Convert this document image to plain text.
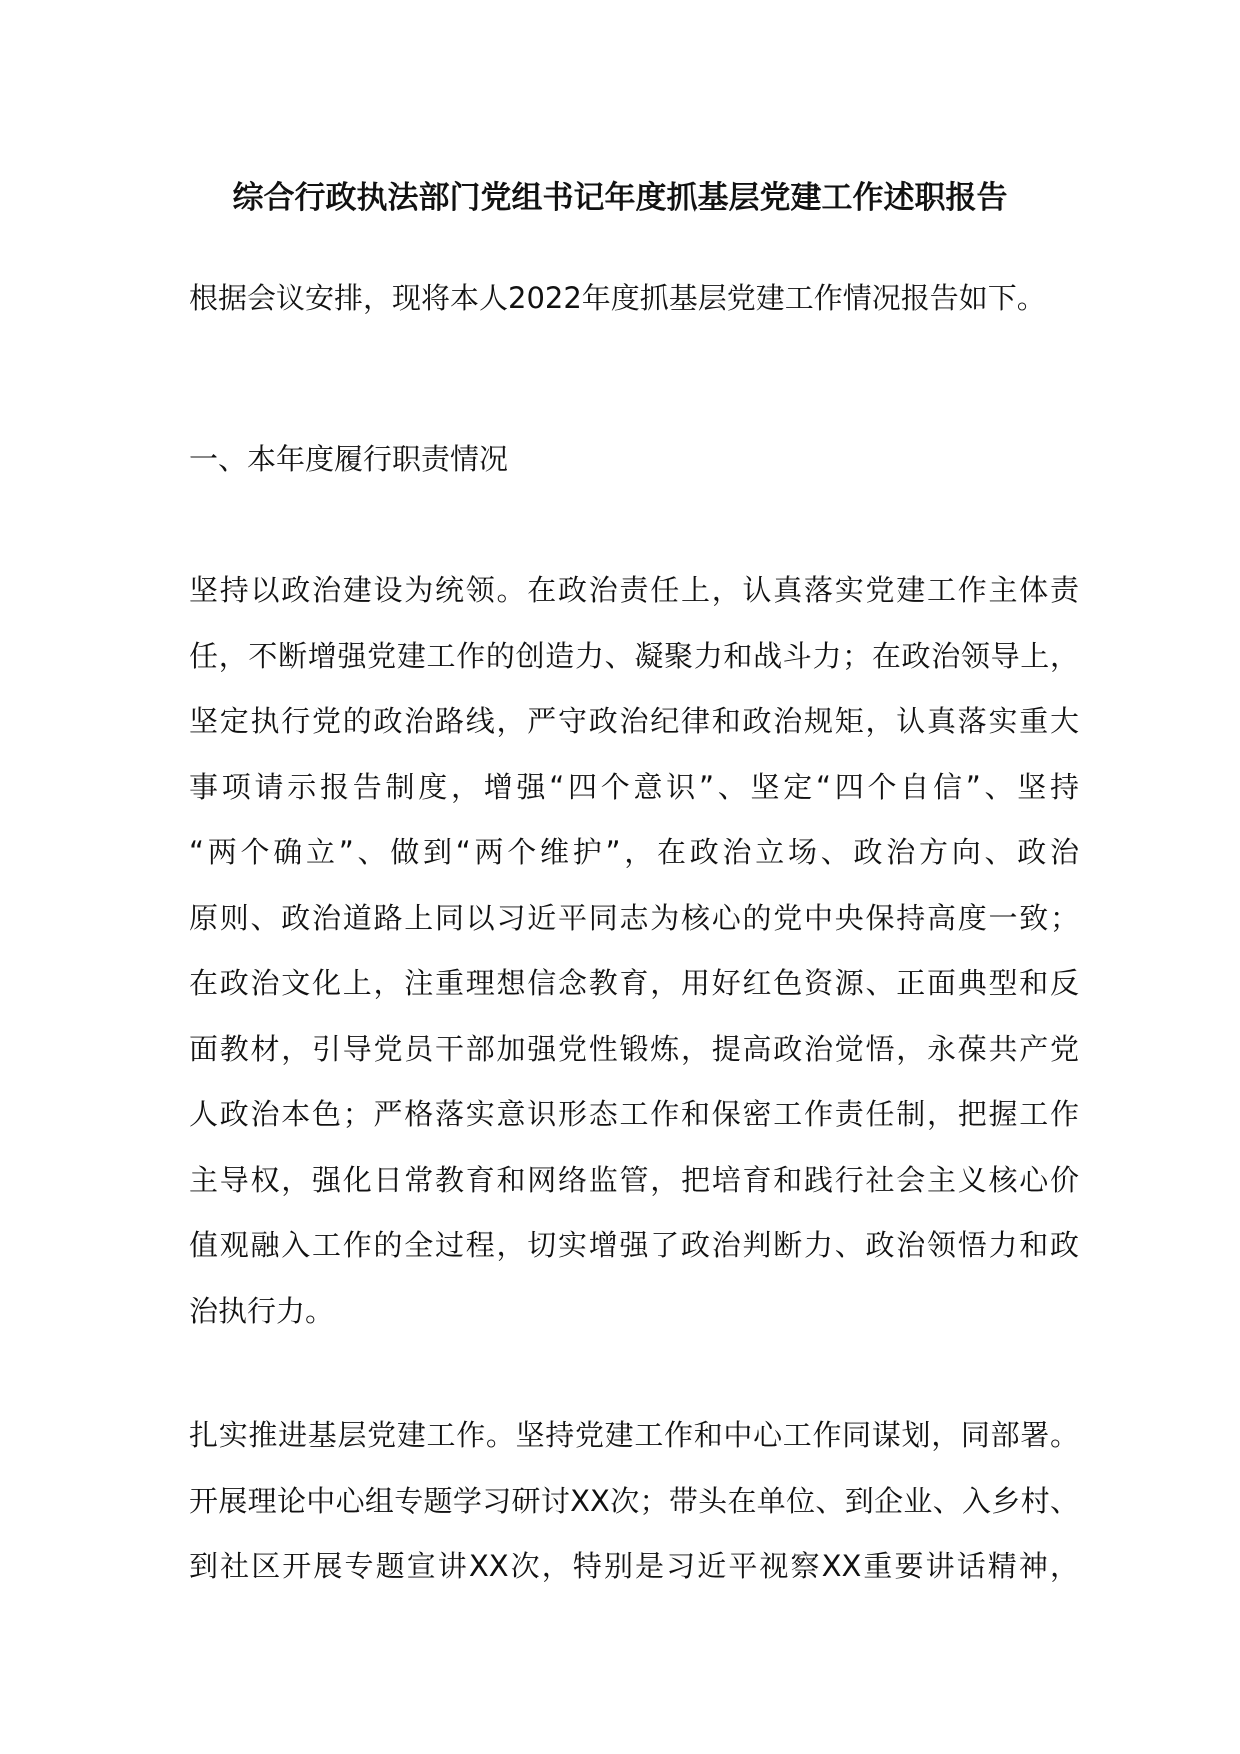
综合行政执法部门党组书记年度抓基层党建工作述职报告
根据会议安排，现将本人2022年度抓基层党建工作情况报告如下。
一、本年度履行职责情况
坚持以政治建设为统领。在政治责任上，认真落实党建工作主体责
任，不断增强党建工作的创造力、凝聚力和战斗力；在政治领导上，
坚定执行党的政治路线，严守政治纪律和政治规矩，认真落实重大
事项请示报告制度，增强“四个意识”、坚定“四个自信”、坚持
“两个确立”、做到“两个维护”，在政治立场、政治方向、政治
原则、政治道路上同以习近平同志为核心的党中央保持高度一致；
在政治文化上，注重理想信念教育，用好红色资源、正面典型和反
面教材，引导党员干部加强党性锻炼，提高政治觉悟，永葆共产党
人政治本色；严格落实意识形态工作和保密工作责任制，把握工作
主导权，强化日常教育和网络监管，把培育和践行社会主义核心价
值观融入工作的全过程，切实增强了政治判断力、政治领悟力和政
治执行力。
扎实推进基层党建工作。坚持党建工作和中心工作同谋划，同部署。
开展理论中心组专题学习研讨XX次；带头在单位、到企业、入乡村、
到社区开展专题宣讲XX次，特别是习近平视察XX重要讲话精神，
